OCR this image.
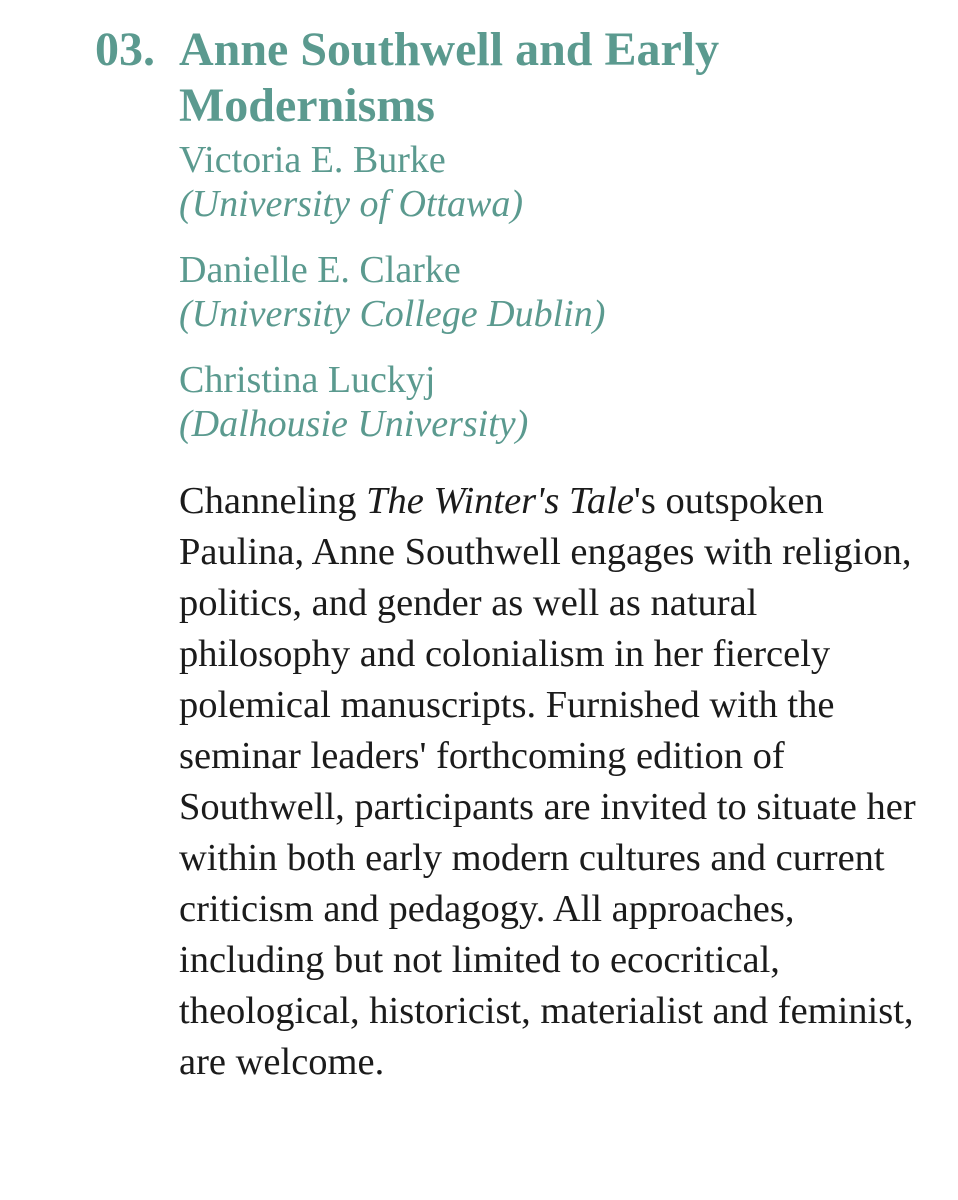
03. Anne Southwell and Early Modernisms
Victoria E. Burke
(University of Ottawa)
Danielle E. Clarke
(University College Dublin)
Christina Luckyj
(Dalhousie University)

Channeling The Winter's Tale's outspoken Paulina, Anne Southwell engages with religion, politics, and gender as well as natural philosophy and colonialism in her fiercely polemical manuscripts. Furnished with the seminar leaders' forthcoming edition of Southwell, participants are invited to situate her within both early modern cultures and current criticism and pedagogy. All approaches, including but not limited to ecocritical, theological, historicist, materialist and feminist, are welcome.
